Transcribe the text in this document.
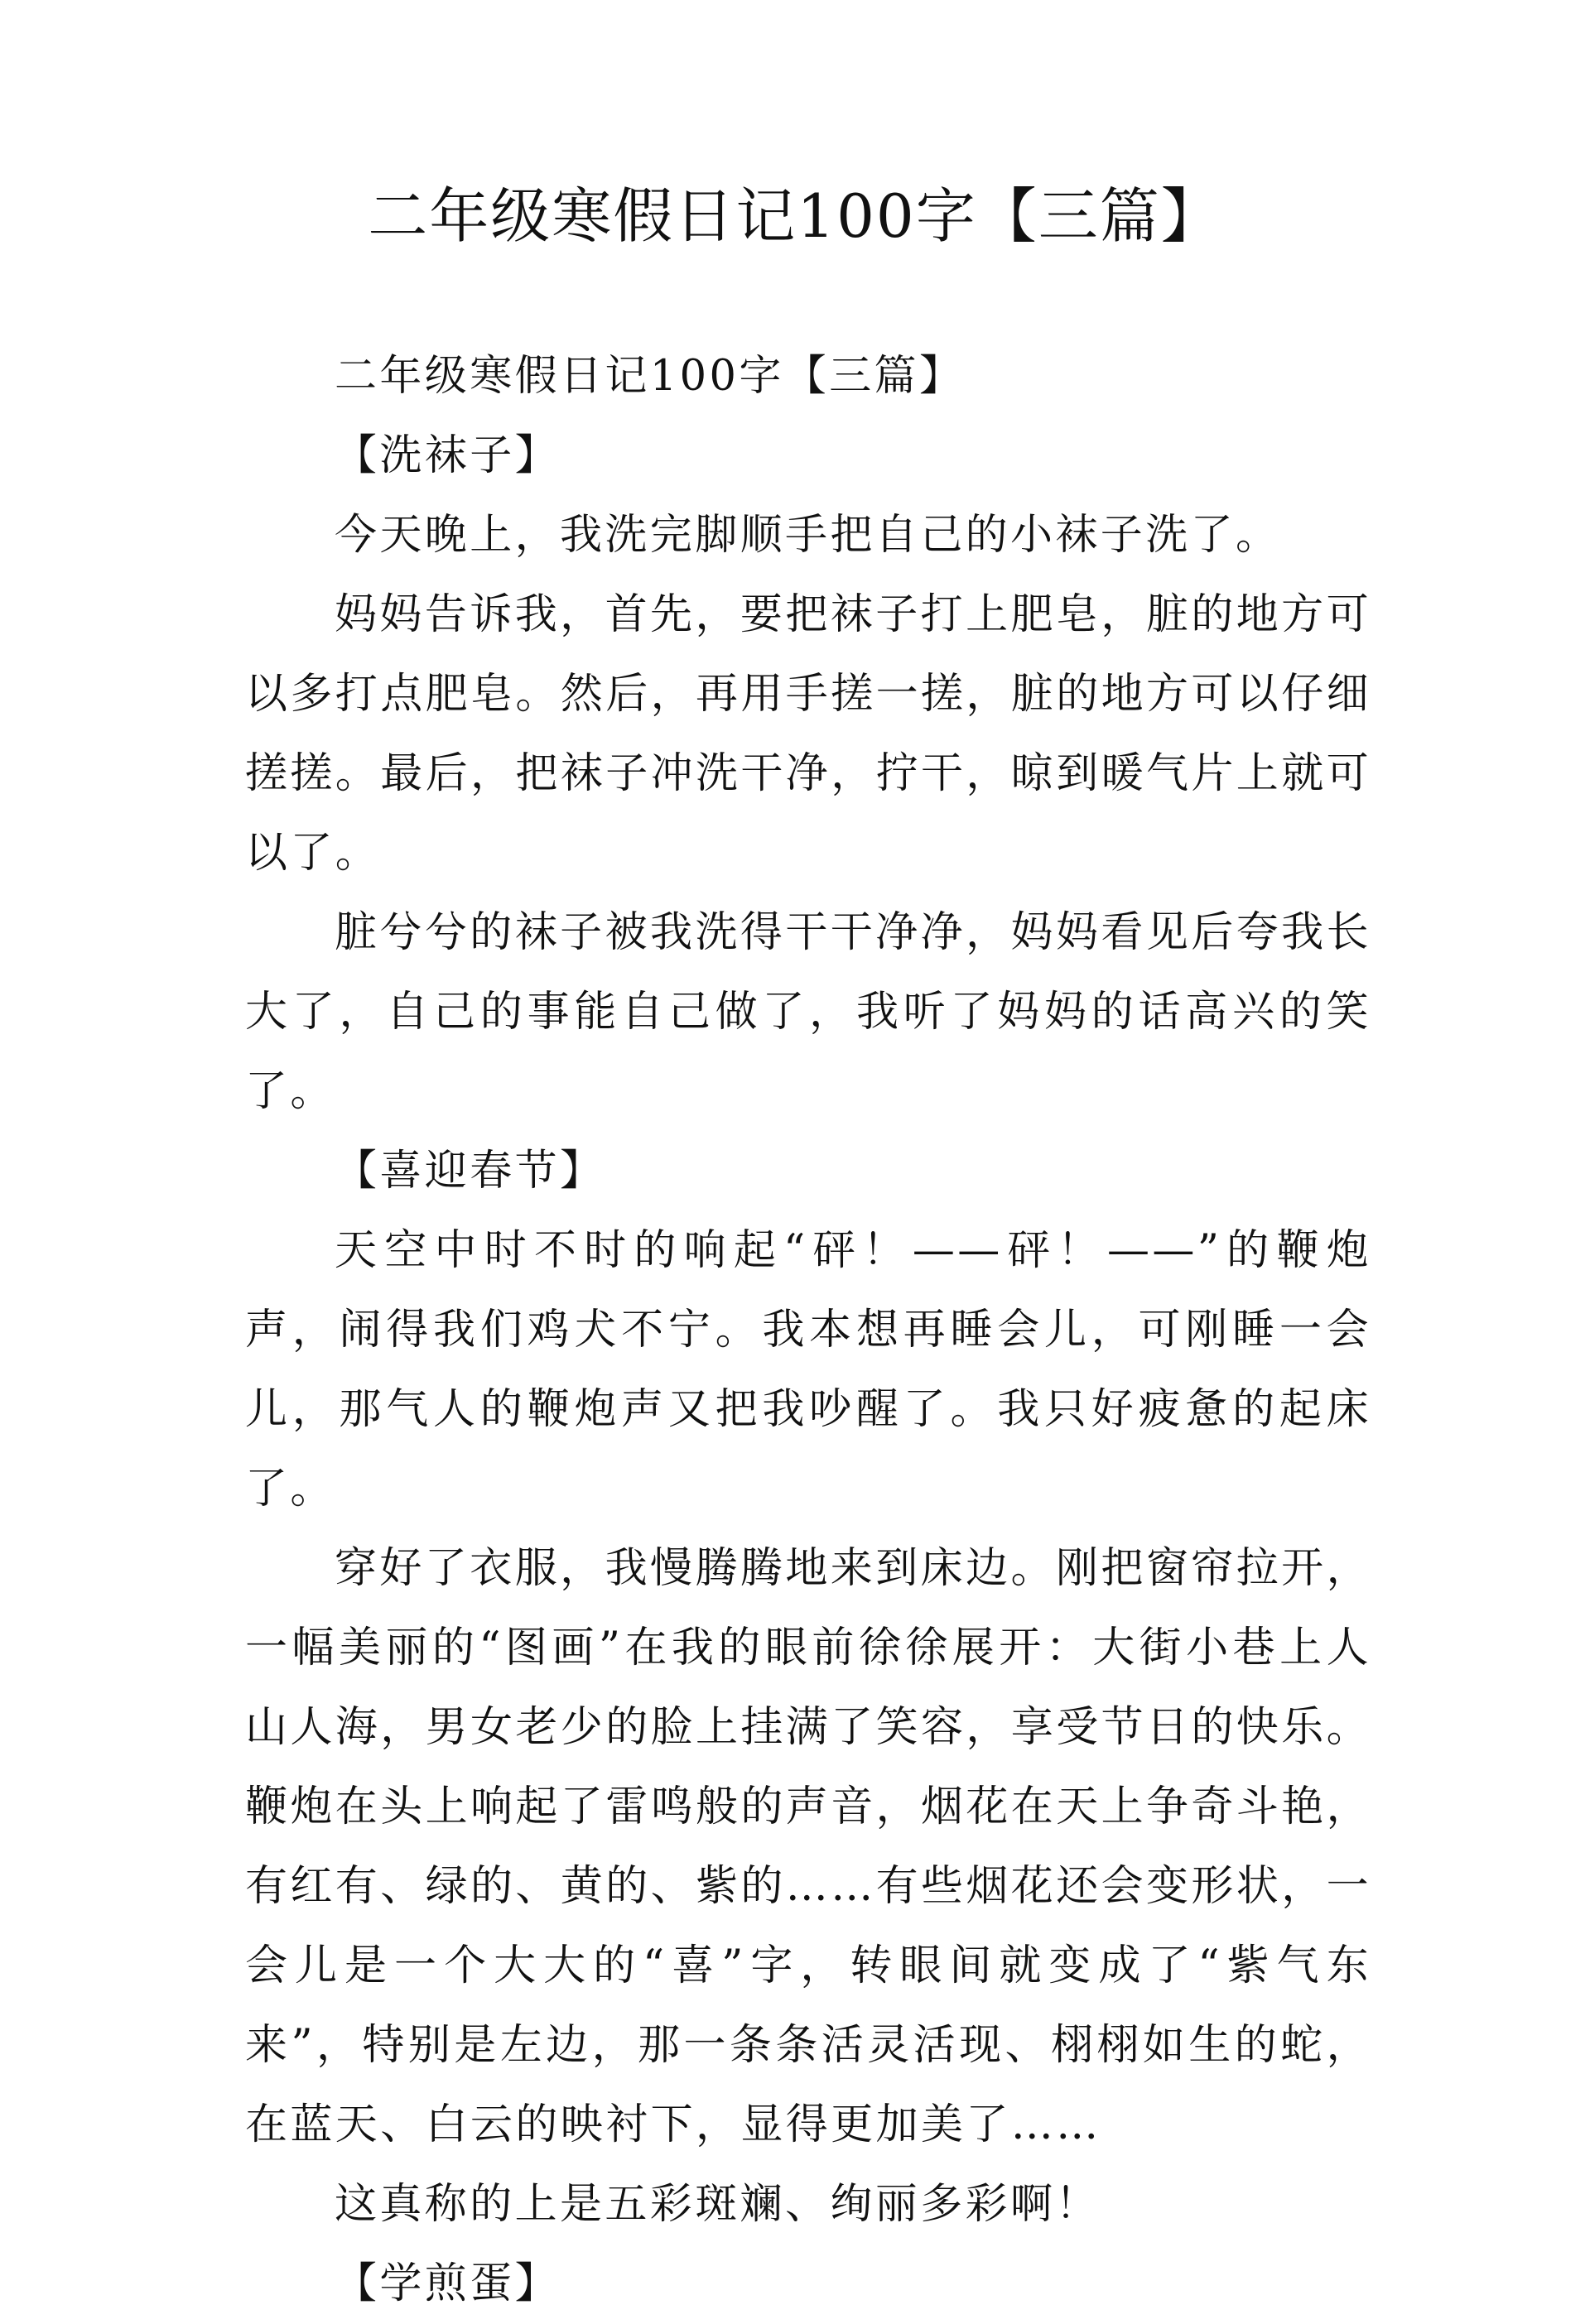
二年级寒假日记100字【三篇】

二年级寒假日记100字【三篇】

【洗袜子】

今天晚上，我洗完脚顺手把自己的小袜子洗了。

妈妈告诉我，首先，要把袜子打上肥皂，脏的地方可以多打点肥皂。然后，再用手搓一搓，脏的地方可以仔细搓搓。最后，把袜子冲洗干净，拧干，晾到暖气片上就可以了。

脏兮兮的袜子被我洗得干干净净，妈妈看见后夸我长大了，自己的事能自己做了，我听了妈妈的话高兴的笑了。

【喜迎春节】

天空中时不时的响起“砰！——砰！——”的鞭炮声，闹得我们鸡犬不宁。我本想再睡会儿，可刚睡一会儿，那气人的鞭炮声又把我吵醒了。我只好疲惫的起床了。

穿好了衣服，我慢腾腾地来到床边。刚把窗帘拉开，一幅美丽的“图画”在我的眼前徐徐展开：大街小巷上人山人海，男女老少的脸上挂满了笑容，享受节日的快乐。鞭炮在头上响起了雷鸣般的声音，烟花在天上争奇斗艳，有红有、绿的、黄的、紫的……有些烟花还会变形状，一会儿是一个大大的“喜”字，转眼间就变成了“紫气东来”，特别是左边，那一条条活灵活现、栩栩如生的蛇，在蓝天、白云的映衬下，显得更加美了……

这真称的上是五彩斑斓、绚丽多彩啊！

【学煎蛋】
